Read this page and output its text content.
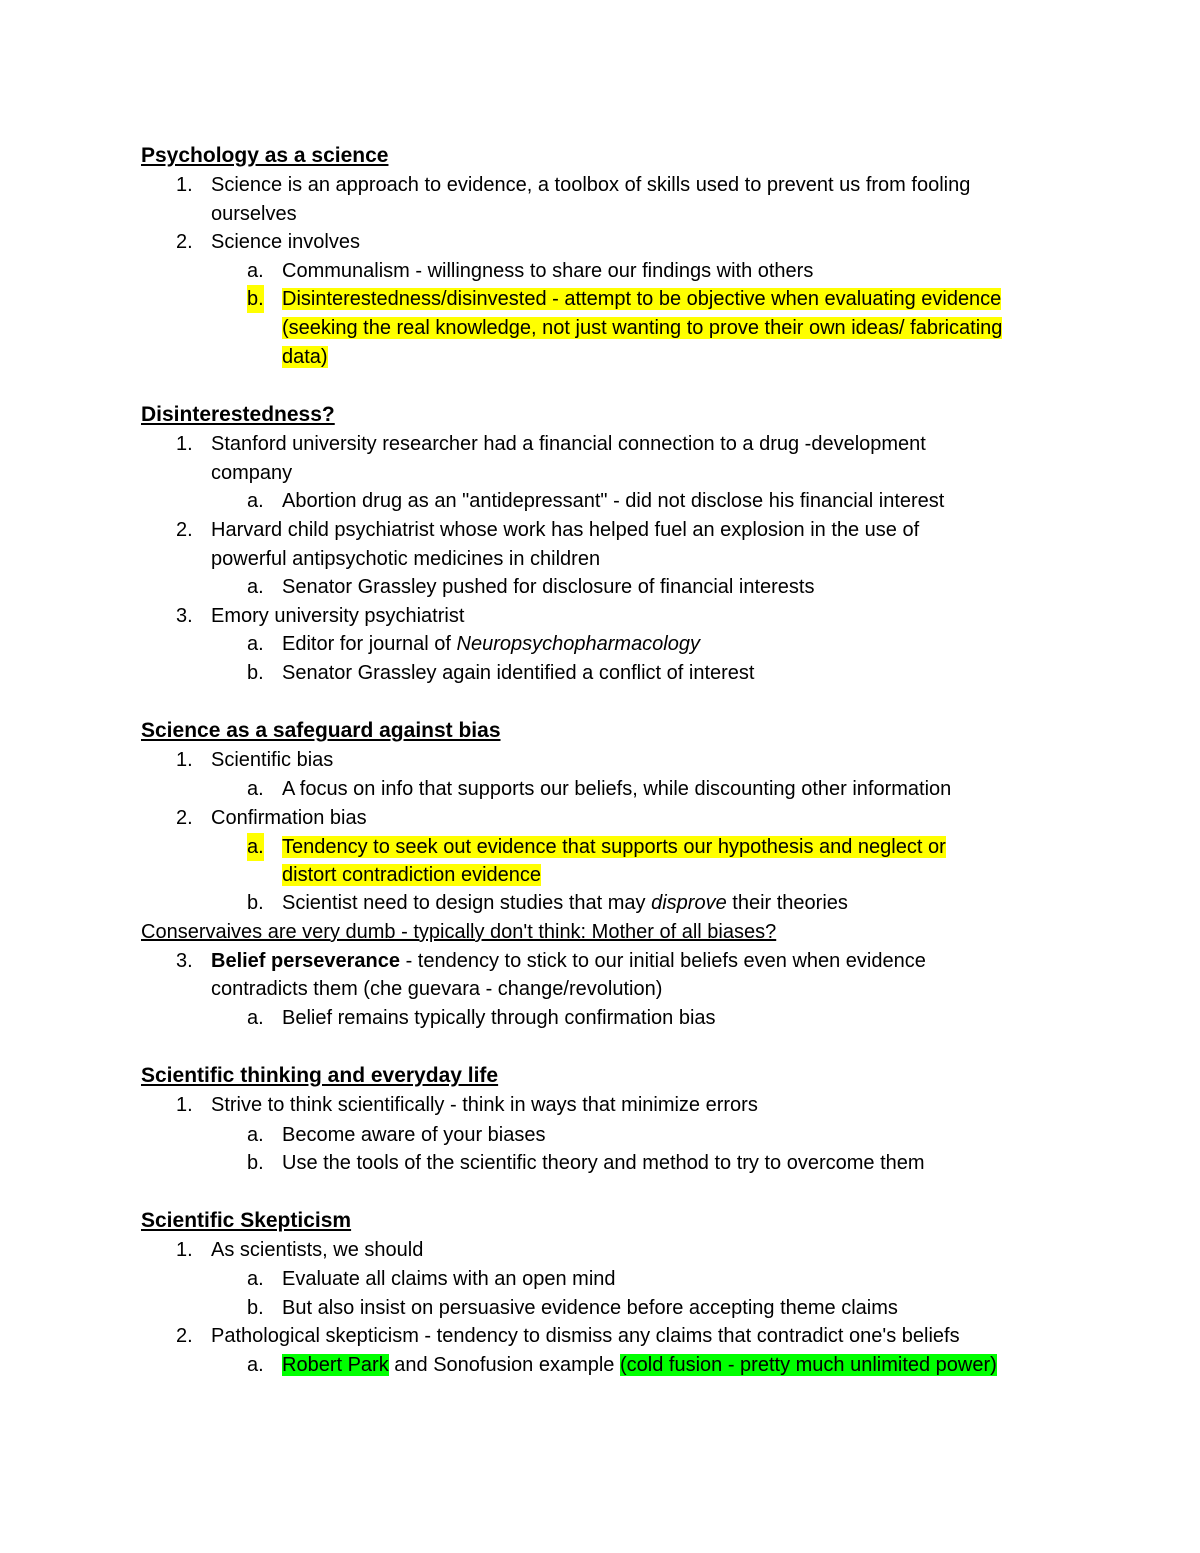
Psychology as a science
1. Science is an approach to evidence, a toolbox of skills used to prevent us from fooling
ourselves
2. Science involves
a. Communalism - willingness to share our findings with others
b. Disinterestedness/disinvested - attempt to be objective when evaluating evidence
(seeking the real knowledge, not just wanting to prove their own ideas/ fabricating
data)
Disinterestedness?
1. Stanford university researcher had a financial connection to a drug -development
company
a. Abortion drug as an "antidepressant" - did not disclose his financial interest
2. Harvard child psychiatrist whose work has helped fuel an explosion in the use of
powerful antipsychotic medicines in children
a. Senator Grassley pushed for disclosure of financial interests
3. Emory university psychiatrist
a. Editor for journal of Neuropsychopharmacology
b. Senator Grassley again identified a conflict of interest
Science as a safeguard against bias
1. Scientific bias
a. A focus on info that supports our beliefs, while discounting other information
2. Confirmation bias
a. Tendency to seek out evidence that supports our hypothesis and neglect or
distort contradiction evidence
b. Scientist need to design studies that may disprove their theories
Conservaives are very dumb - typically don't think: Mother of all biases?
3. Belief perseverance - tendency to stick to our initial beliefs even when evidence
contradicts them (che guevara - change/revolution)
a. Belief remains typically through confirmation bias
Scientific thinking and everyday life
1. Strive to think scientifically - think in ways that minimize errors
a. Become aware of your biases
b. Use the tools of the scientific theory and method to try to overcome them
Scientific Skepticism
1. As scientists, we should
a. Evaluate all claims with an open mind
b. But also insist on persuasive evidence before accepting theme claims
2. Pathological skepticism - tendency to dismiss any claims that contradict one's beliefs
a. Robert Park and Sonofusion example (cold fusion - pretty much unlimited power)
